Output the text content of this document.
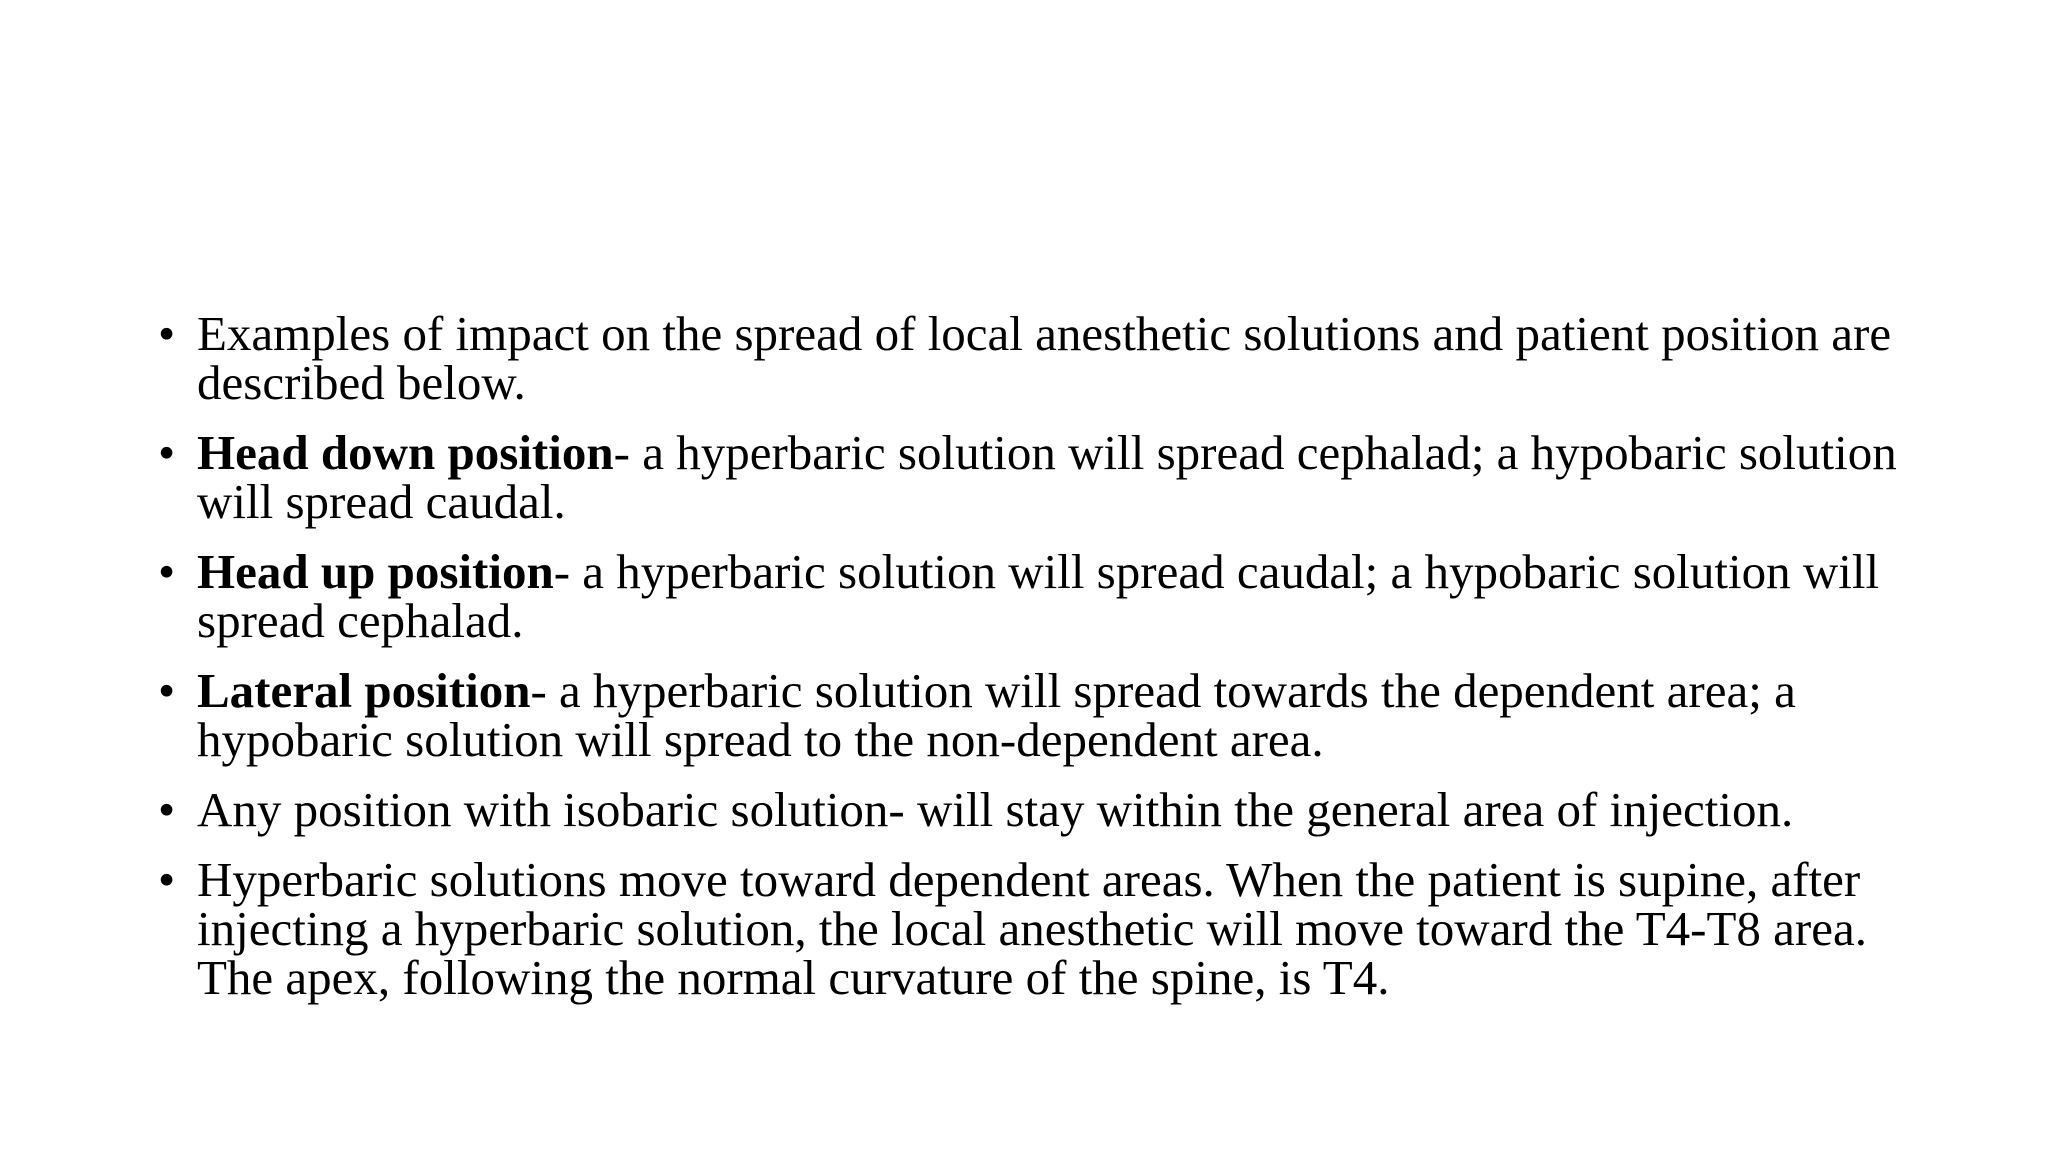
• Examples of impact on the spread of local anesthetic solutions and patient position are described below.
• Head down position- a hyperbaric solution will spread cephalad; a hypobaric solution will spread caudal.
• Head up position- a hyperbaric solution will spread caudal; a hypobaric solution will spread cephalad.
• Lateral position- a hyperbaric solution will spread towards the dependent area; a hypobaric solution will spread to the non-dependent area.
• Any position with isobaric solution- will stay within the general area of injection.
• Hyperbaric solutions move toward dependent areas. When the patient is supine, after injecting a hyperbaric solution, the local anesthetic will move toward the T4-T8 area. The apex, following the normal curvature of the spine, is T4.
